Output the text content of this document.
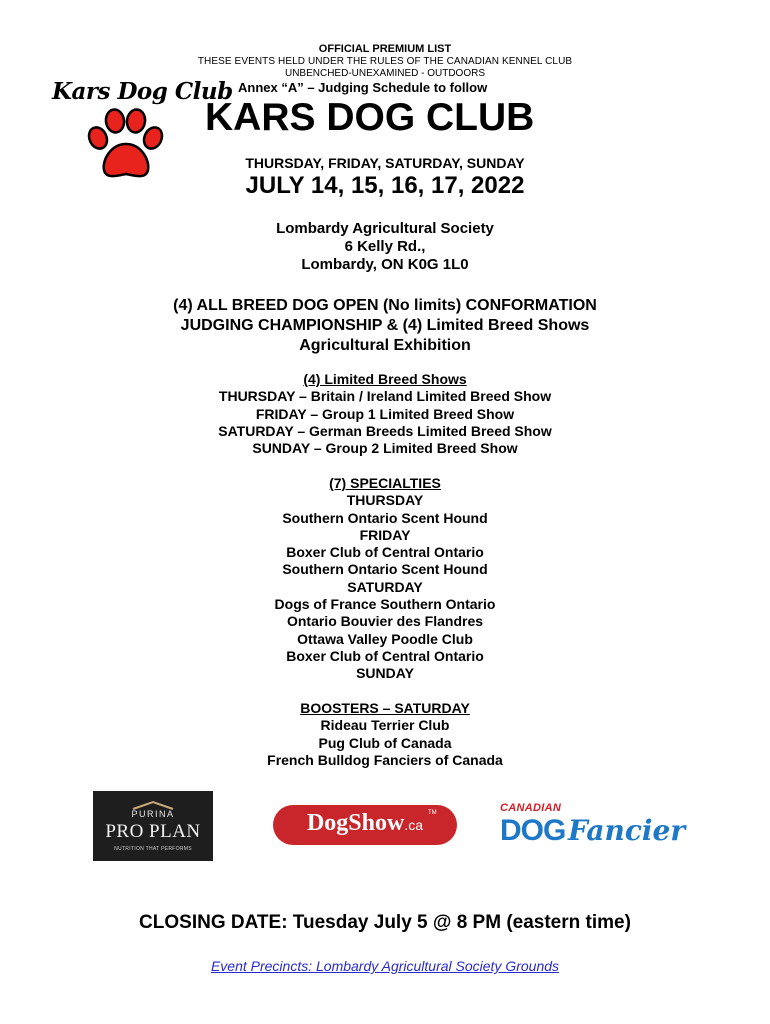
OFFICIAL PREMIUM LIST
THESE EVENTS HELD UNDER THE RULES OF THE CANADIAN KENNEL CLUB
UNBENCHED-UNEXAMINED - OUTDOORS
Annex “A” – Judging Schedule to follow
Kars Dog Club
KARS DOG CLUB
THURSDAY, FRIDAY, SATURDAY, SUNDAY
JULY 14, 15, 16, 17, 2022
Lombardy Agricultural Society
6 Kelly Rd.,
Lombardy, ON K0G 1L0
(4) ALL BREED DOG OPEN (No limits) CONFORMATION
JUDGING CHAMPIONSHIP & (4) Limited Breed Shows
Agricultural Exhibition
(4) Limited Breed Shows
THURSDAY – Britain / Ireland Limited Breed Show
FRIDAY – Group 1 Limited Breed Show
SATURDAY – German Breeds Limited Breed Show
SUNDAY – Group 2 Limited Breed Show
(7) SPECIALTIES
THURSDAY
Southern Ontario Scent Hound
FRIDAY
Boxer Club of Central Ontario
Southern Ontario Scent Hound
SATURDAY
Dogs of France Southern Ontario
Ontario Bouvier des Flandres
Ottawa Valley Poodle Club
Boxer Club of Central Ontario
SUNDAY
BOOSTERS – SATURDAY
Rideau Terrier Club
Pug Club of Canada
French Bulldog Fanciers of Canada
PURINA
PRO PLAN
NUTRITION THAT PERFORMS
DogShow.ca
TM	CANADIAN
DOG Fancier
CLOSING DATE: Tuesday July 5 @ 8 PM (eastern time)
Event Precincts: Lombardy Agricultural Society Grounds
